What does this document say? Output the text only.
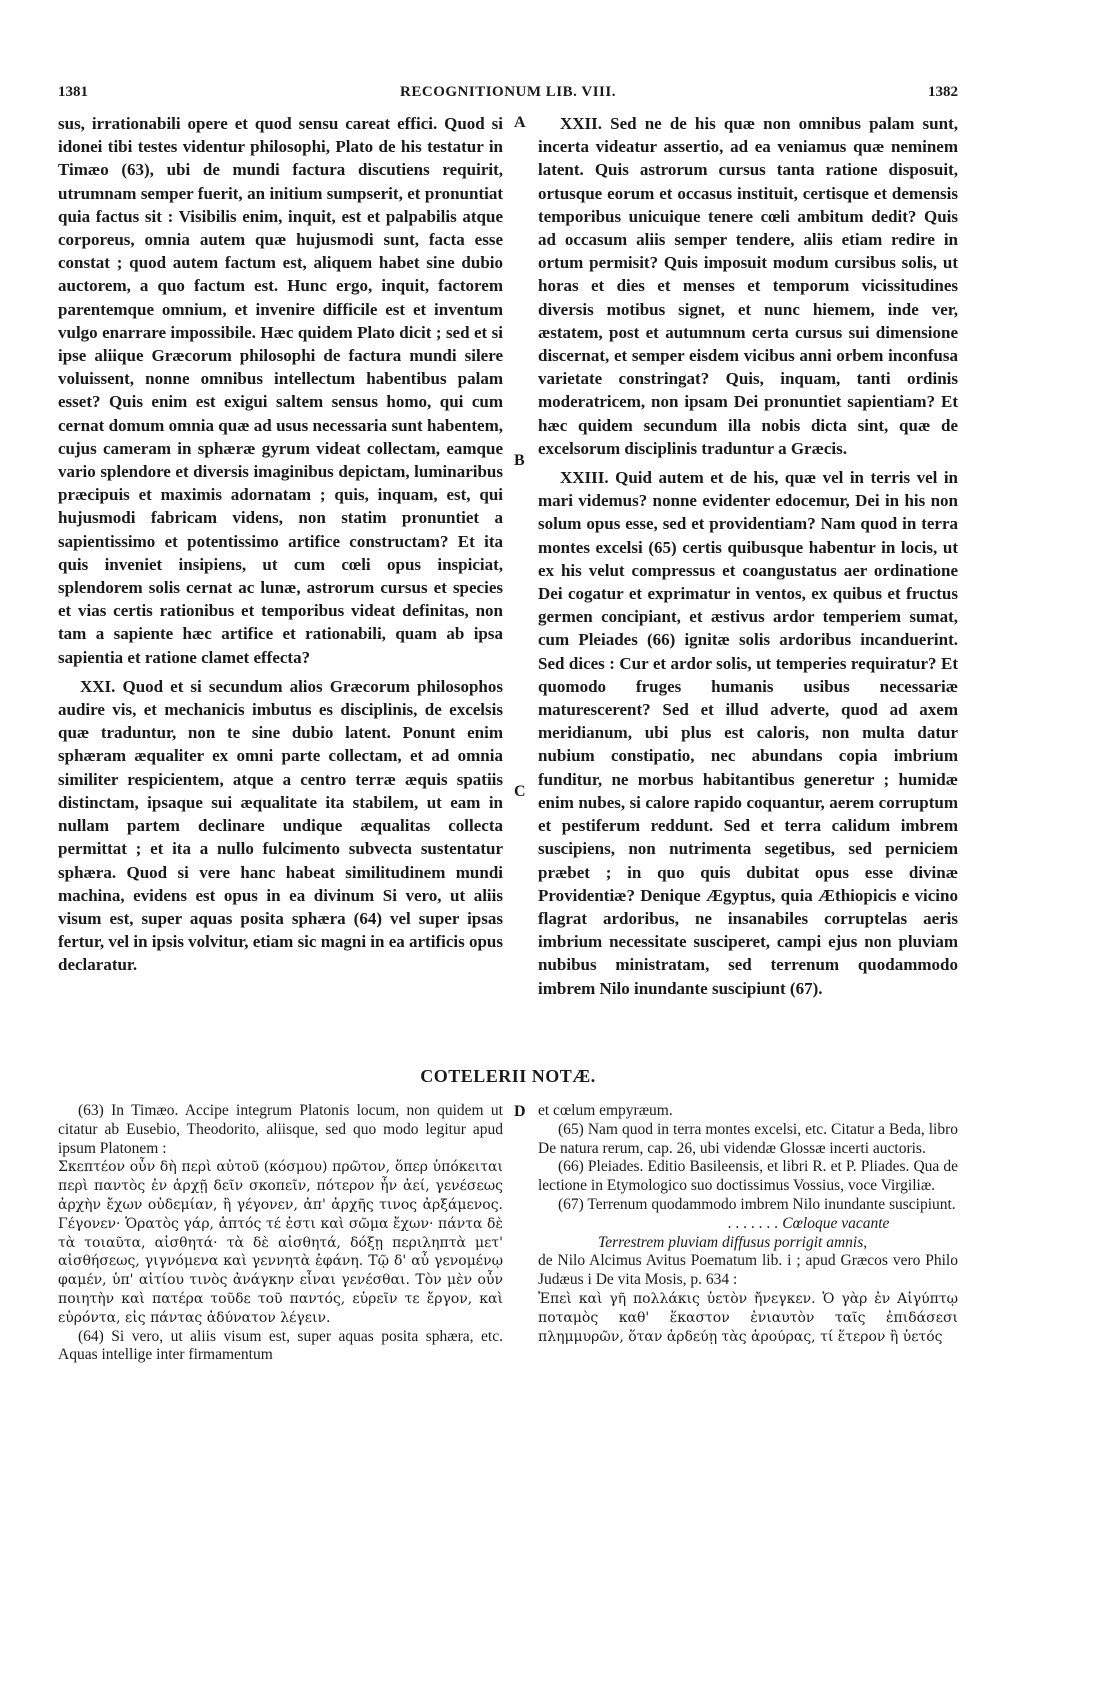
1381	RECOGNITIONUM LIB. VIII.	1382

sus, irrationabili opere et quod sensu careat effici. Quod si idonei tibi testes videntur philosophi, Plato de his testatur in Timæo (63), ubi de mundi factura discutiens requirit, utrumnam semper fuerit, an initium sumpserit, et pronuntiat quia factus sit : Visibilis enim, inquit, est et palpabilis atque corporeus, omnia autem quæ hujusmodi sunt, facta esse constat ; quod autem factum est, aliquem habet sine dubio auctorem, a quo factum est. Hunc ergo, inquit, factorem parentemque omnium, et invenire difficile est et inventum vulgo enarrare impossibile. Hæc quidem Plato dicit ; sed et si ipse aliique Græcorum philosophi de factura mundi silere voluissent, nonne omnibus intellectum habentibus palam esset? Quis enim est exigui saltem sensus homo, qui cum cernat domum omnia quæ ad usus necessaria sunt habentem, cujus cameram in sphæræ gyrum videat collectam, eamque vario splendore et diversis imaginibus depictam, luminaribus præcipuis et maximis adornatam ; quis, inquam, est, qui hujusmodi fabricam videns, non statim pronuntiet a sapientissimo et potentissimo artifice constructam? Et ita quis inveniet insipiens, ut cum cœli opus inspiciat, splendorem solis cernat ac lunæ, astrorum cursus et species et vias certis rationibus et temporibus videat definitas, non tam a sapiente hæc artifice et rationabili, quam ab ipsa sapientia et ratione clamet effecta?

XXI. Quod et si secundum alios Græcorum philosophos audire vis, et mechanicis imbutus es disciplinis, de excelsis quæ traduntur, non te sine dubio latent. Ponunt enim sphæram æqualiter ex omni parte collectam, et ad omnia similiter respicientem, atque a centro terræ æquis spatiis distinctam, ipsaque sui æqualitate ita stabilem, ut eam in nullam partem declinare undique æqualitas collecta permittat ; et ita a nullo fulcimento subvecta sustentatur sphæra. Quod si vere hanc habeat similitudinem mundi machina, evidens est opus in ea divinum Si vero, ut aliis visum est, super aquas posita sphæra (64) vel super ipsas fertur, vel in ipsis volvitur, etiam sic magni in ea artificis opus declaratur.

XXII. Sed ne de his quæ non omnibus palam sunt, incerta videatur assertio, ad ea veniamus quæ neminem latent. Quis astrorum cursus tanta ratione disposuit, ortusque eorum et occasus instituit, certisque et demensis temporibus unicuique tenere cœli ambitum dedit? Quis ad occasum aliis semper tendere, aliis etiam redire in ortum permisit? Quis imposuit modum cursibus solis, ut horas et dies et menses et temporum vicissitudines diversis motibus signet, et nunc hiemem, inde ver, æstatem, post et autumnum certa cursus sui dimensione discernat, et semper eisdem vicibus anni orbem inconfusa varietate constringat? Quis, inquam, tanti ordinis moderatricem, non ipsam Dei pronuntiet sapientiam? Et hæc quidem secundum illa nobis dicta sint, quæ de excelsorum disciplinis traduntur a Græcis.

XXIII. Quid autem et de his, quæ vel in terris vel in mari videmus? nonne evidenter edocemur, Dei in his non solum opus esse, sed et providentiam? Nam quod in terra montes excelsi (65) certis quibusque habentur in locis, ut ex his velut compressus et coangustatus aer ordinatione Dei cogatur et exprimatur in ventos, ex quibus et fructus germen concipiant, et æstivus ardor temperiem sumat, cum Pleiades (66) ignitæ solis ardoribus incanduerint. Sed dices : Cur et ardor solis, ut temperies requiratur? Et quomodo fruges humanis usibus necessariæ maturescerent? Sed et illud adverte, quod ad axem meridianum, ubi plus est caloris, non multa datur nubium constipatio, nec abundans copia imbrium funditur, ne morbus habitantibus generetur ; humidæ enim nubes, si calore rapido coquantur, aerem corruptum et pestiferum reddunt. Sed et terra calidum imbrem suscipiens, non nutrimenta segetibus, sed perniciem præbet ; in quo quis dubitat opus esse divinæ Providentiæ? Denique Ægyptus, quia Æthiopicis e vicino flagrat ardoribus, ne insanabiles corruptelas aeris imbrium necessitate susciperet, campi ejus non pluviam nubibus ministratam, sed terrenum quodammodo imbrem Nilo inundante suscipiunt (67).

A
B
C
D
COTELERII NOTÆ.

(63) In Timæo. Accipe integrum Platonis locum, non quidem ut citatur ab Eusebio, Theodorito, aliisque, sed quo modo legitur apud ipsum Platonem :

Σκεπτέον οὖν δὴ περὶ αὐτοῦ (κόσμου) πρῶτον, ὅπερ ὑπόκειται περὶ παντὸς ἐν ἀρχῇ δεῖν σκοπεῖν, πότερον ἦν ἀεί, γενέσεως ἀρχὴν ἔχων οὐδεμίαν, ἢ γέγονεν, ἀπ' ἀρχῆς τινος ἀρξάμενος. Γέγονεν· Ὁρατὸς γάρ, ἁπτός τέ ἐστι καὶ σῶμα ἔχων· πάντα δὲ τὰ τοιαῦτα, αἰσθητά· τὰ δὲ αἰσθητά, δόξῃ περιληπτὰ μετ' αἰσθήσεως, γιγνόμενα καὶ γεννητὰ ἐφάνη. Τῷ δ' αὖ γενομένῳ φαμέν, ὑπ' αἰτίου τινὸς ἀνάγκην εἶναι γενέσθαι. Τὸν μὲν οὖν ποιητὴν καὶ πατέρα τοῦδε τοῦ παντός, εὑρεῖν τε ἔργον, καὶ εὑρόντα, εἰς πάντας ἀδύνατον λέγειν.

(64) Si vero, ut aliis visum est, super aquas posita sphæra, etc. Aquas intellige inter firmamentum

et cœlum empyræum.

(65) Nam quod in terra montes excelsi, etc. Citatur a Beda, libro De natura rerum, cap. 26, ubi videndæ Glossæ incerti auctoris.

(66) Pleiades. Editio Basileensis, et libri R. et P. Pliades. Qua de lectione in Etymologico suo doctissimus Vossius, voce Virgiliæ.

(67) Terrenum quodammodo imbrem Nilo inundante suscipiunt.

. . . . . . . Cœloque vacante

Terrestrem pluviam diffusus porrigit amnis,

de Nilo Alcimus Avitus Poematum lib. i ; apud Græcos vero Philo Judæus i De vita Mosis, p. 634 :

Ἐπεὶ καὶ γῆ πολλάκις ὑετὸν ἤνεγκεν. Ὁ γὰρ ἐν Αἰγύπτῳ ποταμὸς καθ' ἕκαστον ἐνιαυτὸν ταῖς ἐπιδάσεσι πλημμυρῶν, ὅταν ἀρδεύῃ τὰς ἀρούρας, τί ἕτερον ἢ ὑετός
